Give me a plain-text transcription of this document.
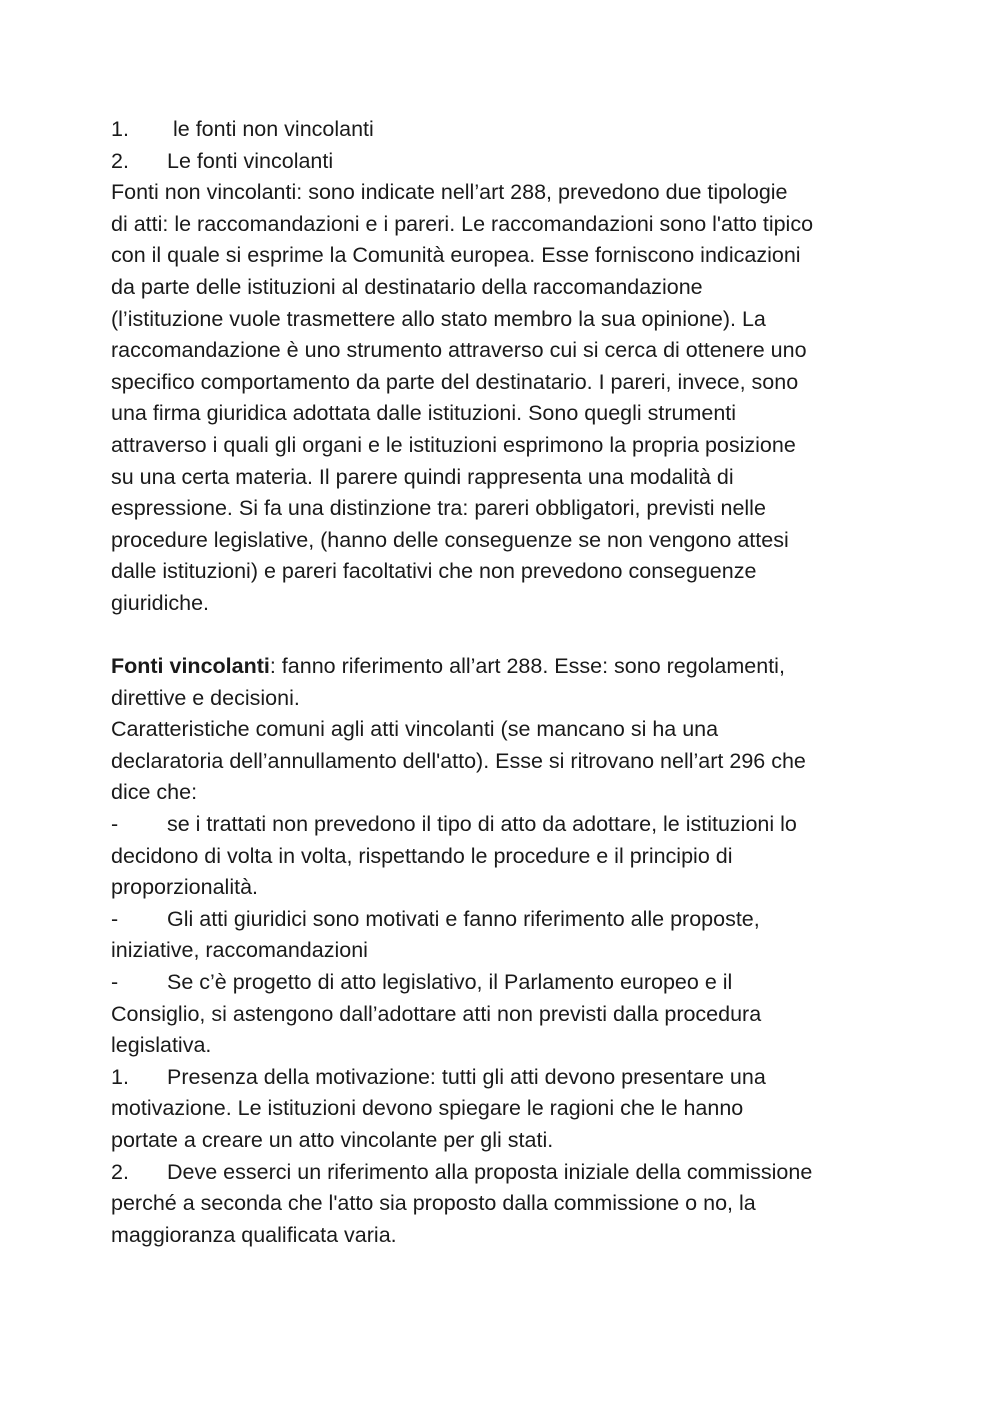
1. le fonti non vincolanti
2. Le fonti vincolanti
Fonti non vincolanti: sono indicate nell’art 288, prevedono due tipologie
di atti: le raccomandazioni e i pareri. Le raccomandazioni sono l'atto tipico
con il quale si esprime la Comunità europea. Esse forniscono indicazioni
da parte delle istituzioni al destinatario della raccomandazione
(l’istituzione vuole trasmettere allo stato membro la sua opinione). La
raccomandazione è uno strumento attraverso cui si cerca di ottenere uno
specifico comportamento da parte del destinatario. I pareri, invece, sono
una firma giuridica adottata dalle istituzioni. Sono quegli strumenti
attraverso i quali gli organi e le istituzioni esprimono la propria posizione
su una certa materia. Il parere quindi rappresenta una modalità di
espressione. Si fa una distinzione tra: pareri obbligatori, previsti nelle
procedure legislative, (hanno delle conseguenze se non vengono attesi
dalle istituzioni) e pareri facoltativi che non prevedono conseguenze
giuridiche.
Fonti vincolanti: fanno riferimento all’art 288. Esse: sono regolamenti,
direttive e decisioni.
Caratteristiche comuni agli atti vincolanti (se mancano si ha una
declaratoria dell’annullamento dell'atto). Esse si ritrovano nell’art 296 che
dice che:
- se i trattati non prevedono il tipo di atto da adottare, le istituzioni lo
decidono di volta in volta, rispettando le procedure e il principio di
proporzionalità.
- Gli atti giuridici sono motivati e fanno riferimento alle proposte,
iniziative, raccomandazioni
- Se c’è progetto di atto legislativo, il Parlamento europeo e il
Consiglio, si astengono dall’adottare atti non previsti dalla procedura
legislativa.
1. Presenza della motivazione: tutti gli atti devono presentare una
motivazione. Le istituzioni devono spiegare le ragioni che le hanno
portate a creare un atto vincolante per gli stati.
2. Deve esserci un riferimento alla proposta iniziale della commissione
perché a seconda che l'atto sia proposto dalla commissione o no, la
maggioranza qualificata varia.
